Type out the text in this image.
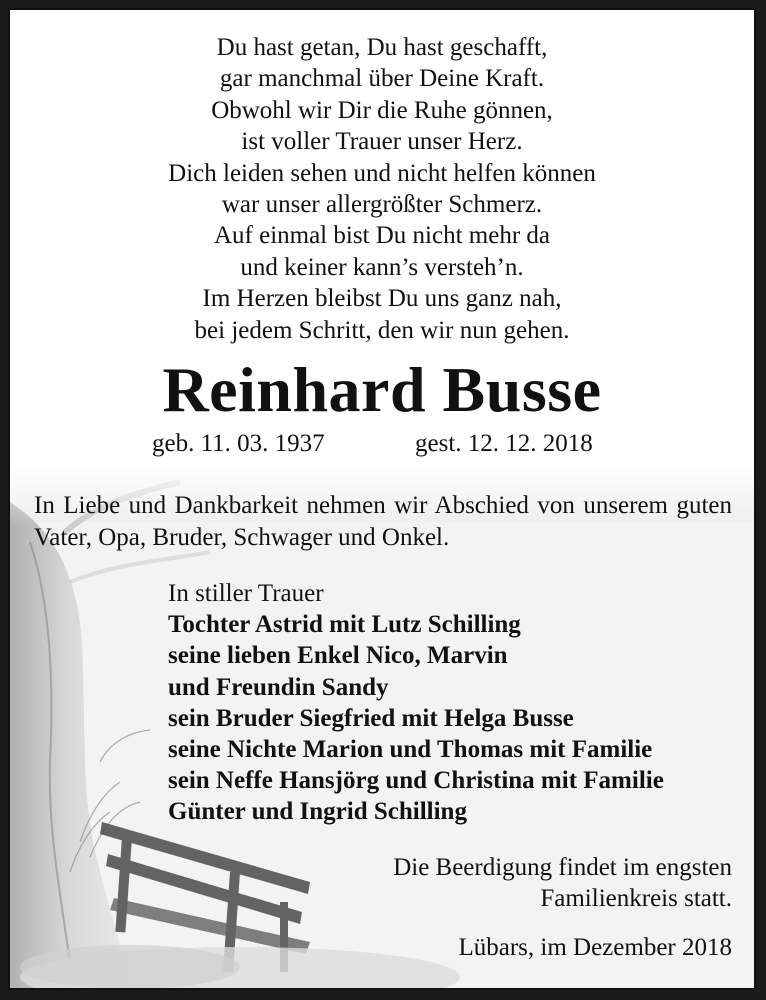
Du hast getan, Du hast geschafft,
gar manchmal über Deine Kraft.
Obwohl wir Dir die Ruhe gönnen,
ist voller Trauer unser Herz.
Dich leiden sehen und nicht helfen können
war unser allergrößter Schmerz.
Auf einmal bist Du nicht mehr da
und keiner kann’s versteh’n.
Im Herzen bleibst Du uns ganz nah,
bei jedem Schritt, den wir nun gehen.
Reinhard Busse
geb. 11. 03. 1937	gest. 12. 12. 2018
In Liebe und Dankbarkeit nehmen wir Abschied von unserem guten Vater, Opa, Bruder, Schwager und Onkel.
In stiller Trauer
Tochter Astrid mit Lutz Schilling
seine lieben Enkel Nico, Marvin
und Freundin Sandy
sein Bruder Siegfried mit Helga Busse
seine Nichte Marion und Thomas mit Familie
sein Neffe Hansjörg und Christina mit Familie
Günter und Ingrid Schilling
Die Beerdigung findet im engsten
Familienkreis statt.
Lübars, im Dezember 2018
